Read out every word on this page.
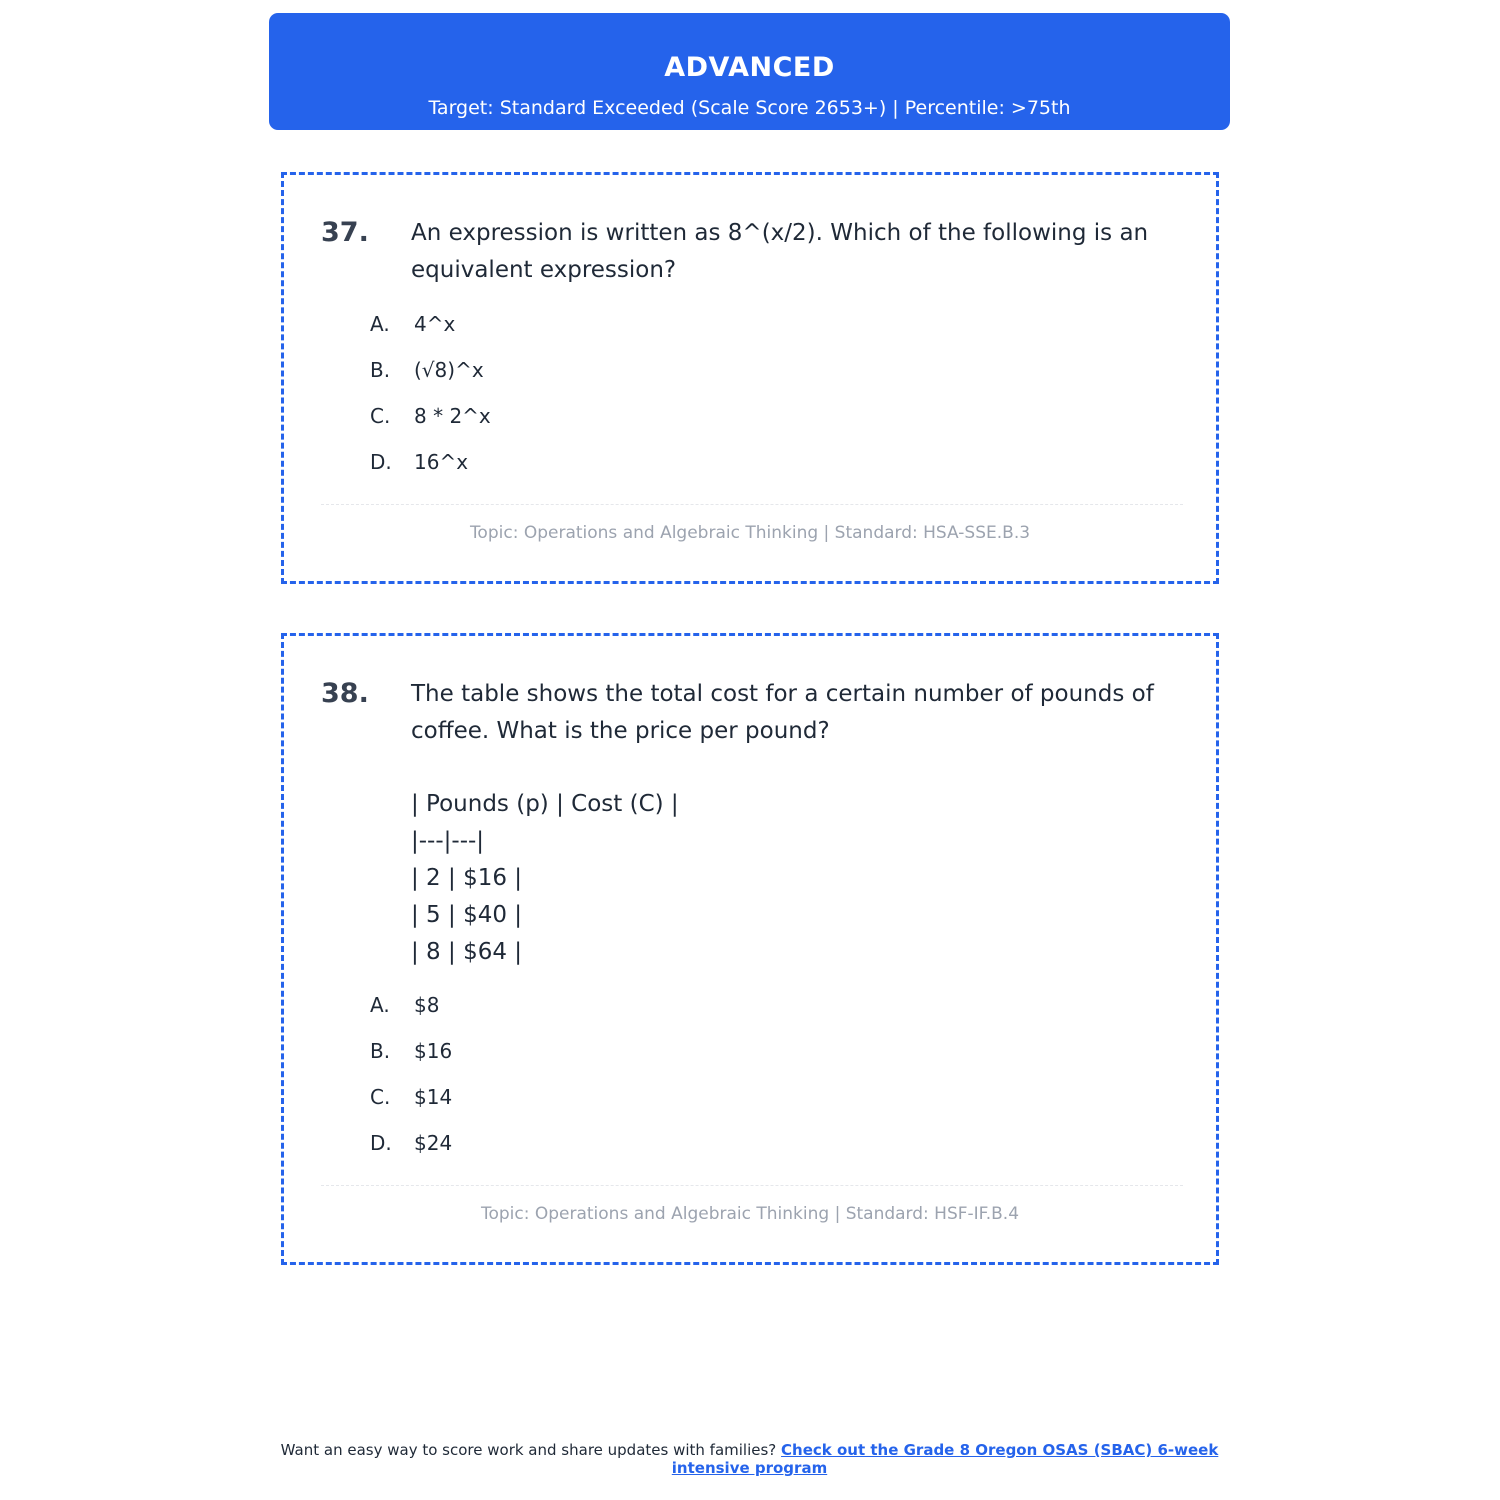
ADVANCED
Target: Standard Exceeded (Scale Score 2653+) | Percentile: >75th
37. An expression is written as 8^(x/2). Which of the following is an equivalent expression?
A.	4^x
B.	(√8)^x
C.	8 * 2^x
D.	16^x
Topic: Operations and Algebraic Thinking | Standard: HSA-SSE.B.3
38. The table shows the total cost for a certain number of pounds of coffee. What is the price per pound?
| Pounds (p) | Cost (C) |
|---|---|
| 2 | $16 |
| 5 | $40 |
| 8 | $64 |
A.	$8
B.	$16
C.	$14
D.	$24
Topic: Operations and Algebraic Thinking | Standard: HSF-IF.B.4
Want an easy way to score work and share updates with families? Check out the Grade 8 Oregon OSAS (SBAC) 6-week intensive program
